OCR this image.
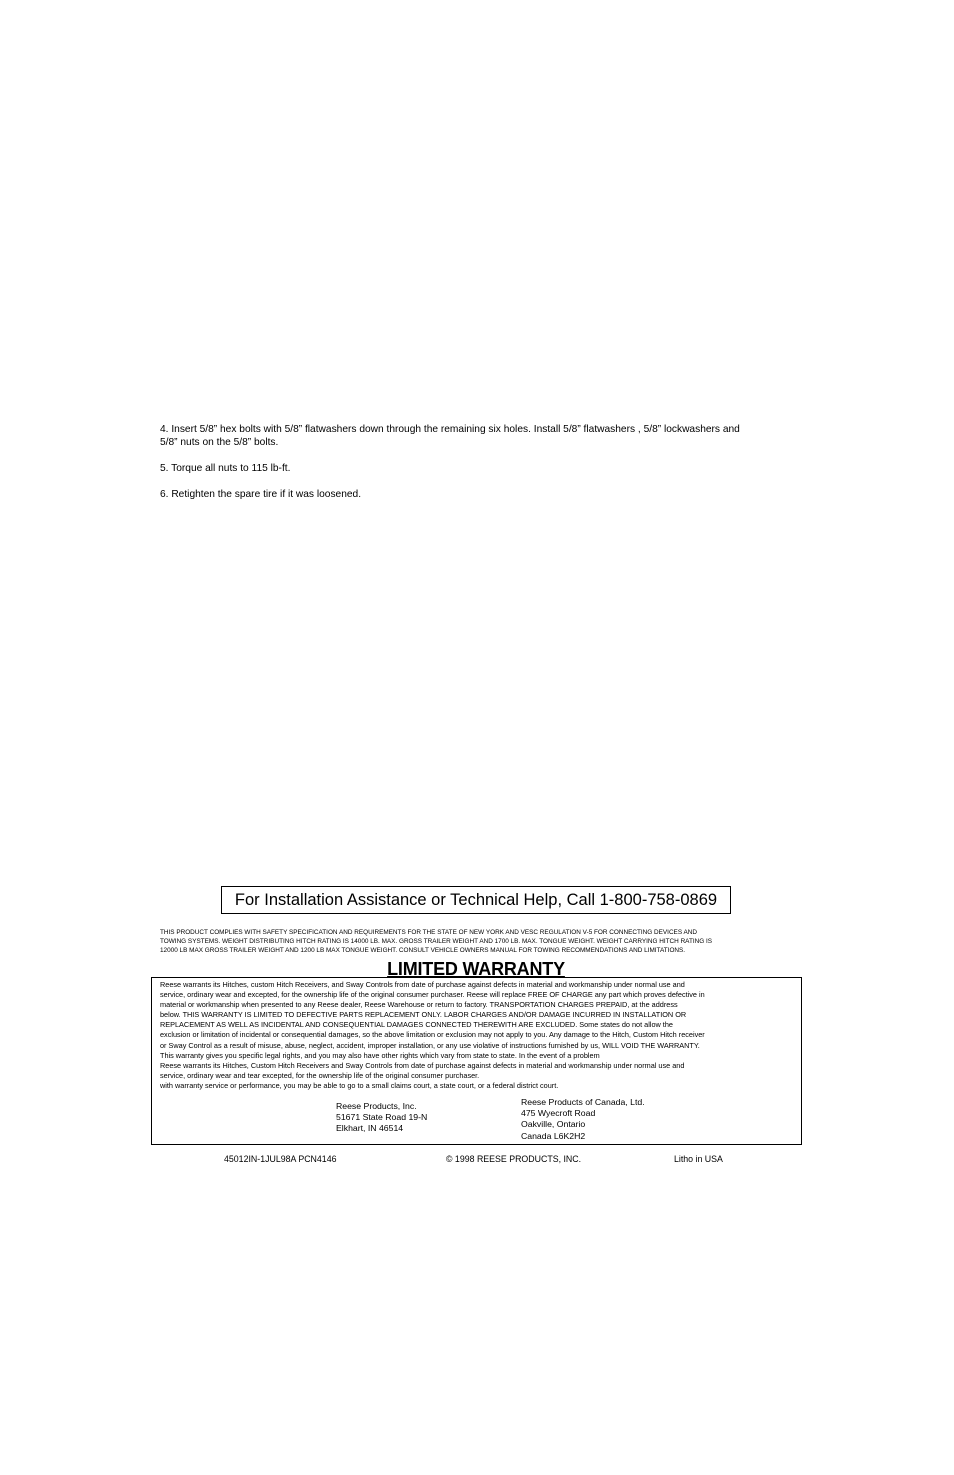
4. Insert 5/8” hex bolts with 5/8” flatwashers down through the remaining six holes. Install 5/8” flatwashers , 5/8” lockwashers and
5/8” nuts on the 5/8” bolts.

5. Torque all nuts to 115 lb-ft.

6. Retighten the spare tire if it was loosened.

For Installation Assistance or Technical Help, Call 1-800-758-0869

THIS PRODUCT COMPLIES WITH SAFETY SPECIFICATION AND REQUIREMENTS FOR THE STATE OF NEW YORK AND VESC REGULATION V-5 FOR CONNECTING DEVICES AND
TOWING SYSTEMS. WEIGHT DISTRIBUTING HITCH RATING IS 14000 LB. MAX. GROSS TRAILER WEIGHT AND 1700 LB. MAX. TONGUE WEIGHT. WEIGHT CARRYING HITCH RATING IS
12000 LB MAX GROSS TRAILER WEIGHT AND 1200 LB MAX TONGUE WEIGHT. CONSULT VEHICLE OWNERS MANUAL FOR TOWING RECOMMENDATIONS AND LIMITATIONS.

LIMITED WARRANTY
Reese warrants its Hitches, custom Hitch Receivers, and Sway Controls from date of purchase against defects in material and workmanship under normal use and
service, ordinary wear and excepted, for the ownership life of the original consumer purchaser. Reese will replace FREE OF CHARGE any part which proves defective in
material or workmanship when presented to any Reese dealer, Reese Warehouse or return to factory. TRANSPORTATION CHARGES PREPAID, at the address
below. THIS WARRANTY IS LIMITED TO DEFECTIVE PARTS REPLACEMENT ONLY. LABOR CHARGES AND/OR DAMAGE INCURRED IN INSTALLATION OR
REPLACEMENT AS WELL AS INCIDENTAL AND CONSEQUENTIAL DAMAGES CONNECTED THEREWITH ARE EXCLUDED. Some states do not allow the
exclusion or limitation of incidental or consequential damages, so the above limitation or exclusion may not apply to you. Any damage to the Hitch, Custom Hitch receiver
or Sway Control as a result of misuse, abuse, neglect, accident, improper installation, or any use violative of instructions furnished by us, WILL VOID THE WARRANTY.
This warranty gives you specific legal rights, and you may also have other rights which vary from state to state. In the event of a problem
Reese warrants its Hitches, Custom Hitch Receivers and Sway Controls from date of purchase against defects in material and workmanship under normal use and
service, ordinary wear and tear excepted, for the ownership life of the original consumer purchaser.
with warranty service or performance, you may be able to go to a small claims court, a state court, or a federal district court.
Reese Products, Inc.
51671 State Road 19-N
Elkhart, IN 46514
Reese Products of Canada, Ltd.
475 Wyecroft Road
Oakville, Ontario
Canada L6K2H2
45012IN-1JUL98A PCN4146	© 1998 REESE PRODUCTS, INC.	Litho in USA
